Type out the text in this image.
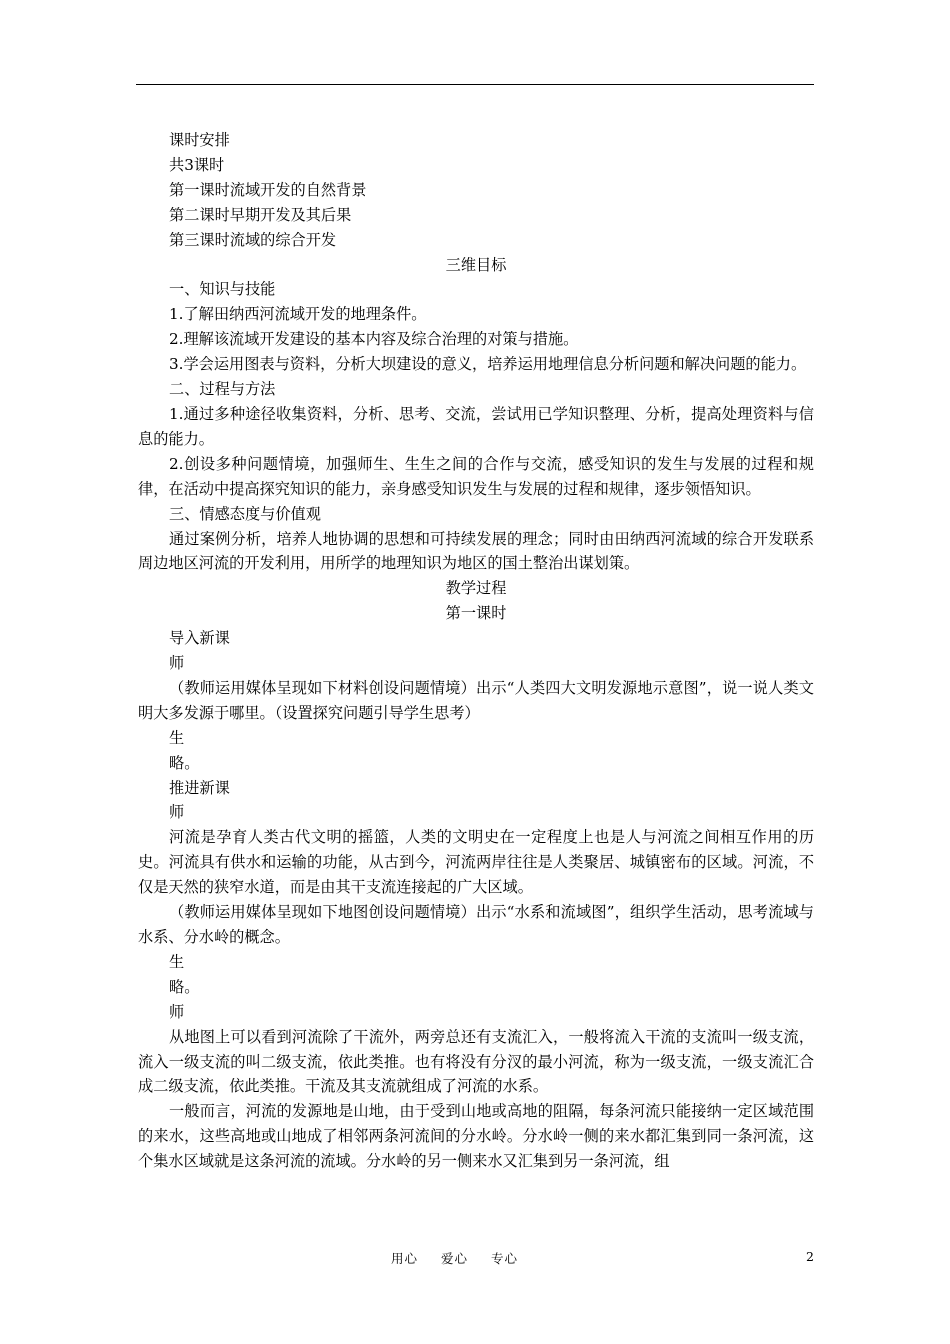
课时安排

共3课时

第一课时流域开发的自然背景

第二课时早期开发及其后果

第三课时流域的综合开发

三维目标

一、知识与技能

1.了解田纳西河流域开发的地理条件。

2.理解该流域开发建设的基本内容及综合治理的对策与措施。

3.学会运用图表与资料，分析大坝建设的意义，培养运用地理信息分析问题和解决问题的能力。

二、过程与方法

1.通过多种途径收集资料，分析、思考、交流，尝试用已学知识整理、分析，提高处理资料与信息的能力。

2.创设多种问题情境，加强师生、生生之间的合作与交流，感受知识的发生与发展的过程和规律，在活动中提高探究知识的能力，亲身感受知识发生与发展的过程和规律，逐步领悟知识。

三、情感态度与价值观

通过案例分析，培养人地协调的思想和可持续发展的理念；同时由田纳西河流域的综合开发联系周边地区河流的开发利用，用所学的地理知识为地区的国土整治出谋划策。

教学过程

第一课时

导入新课

师

（教师运用媒体呈现如下材料创设问题情境）出示“人类四大文明发源地示意图”，说一说人类文明大多发源于哪里。（设置探究问题引导学生思考）

生

略。

推进新课

师

河流是孕育人类古代文明的摇篮，人类的文明史在一定程度上也是人与河流之间相互作用的历史。河流具有供水和运输的功能，从古到今，河流两岸往往是人类聚居、城镇密布的区域。河流，不仅是天然的狭窄水道，而是由其干支流连接起的广大区域。

（教师运用媒体呈现如下地图创设问题情境）出示“水系和流域图”，组织学生活动，思考流域与水系、分水岭的概念。

生

略。

师

从地图上可以看到河流除了干流外，两旁总还有支流汇入，一般将流入干流的支流叫一级支流，流入一级支流的叫二级支流，依此类推。也有将没有分汊的最小河流，称为一级支流，一级支流汇合成二级支流，依此类推。干流及其支流就组成了河流的水系。

一般而言，河流的发源地是山地，由于受到山地或高地的阻隔，每条河流只能接纳一定区域范围的来水，这些高地或山地成了相邻两条河流间的分水岭。分水岭一侧的来水都汇集到同一条河流，这个集水区域就是这条河流的流域。分水岭的另一侧来水又汇集到另一条河流，组

用心 爱心 专心	2
